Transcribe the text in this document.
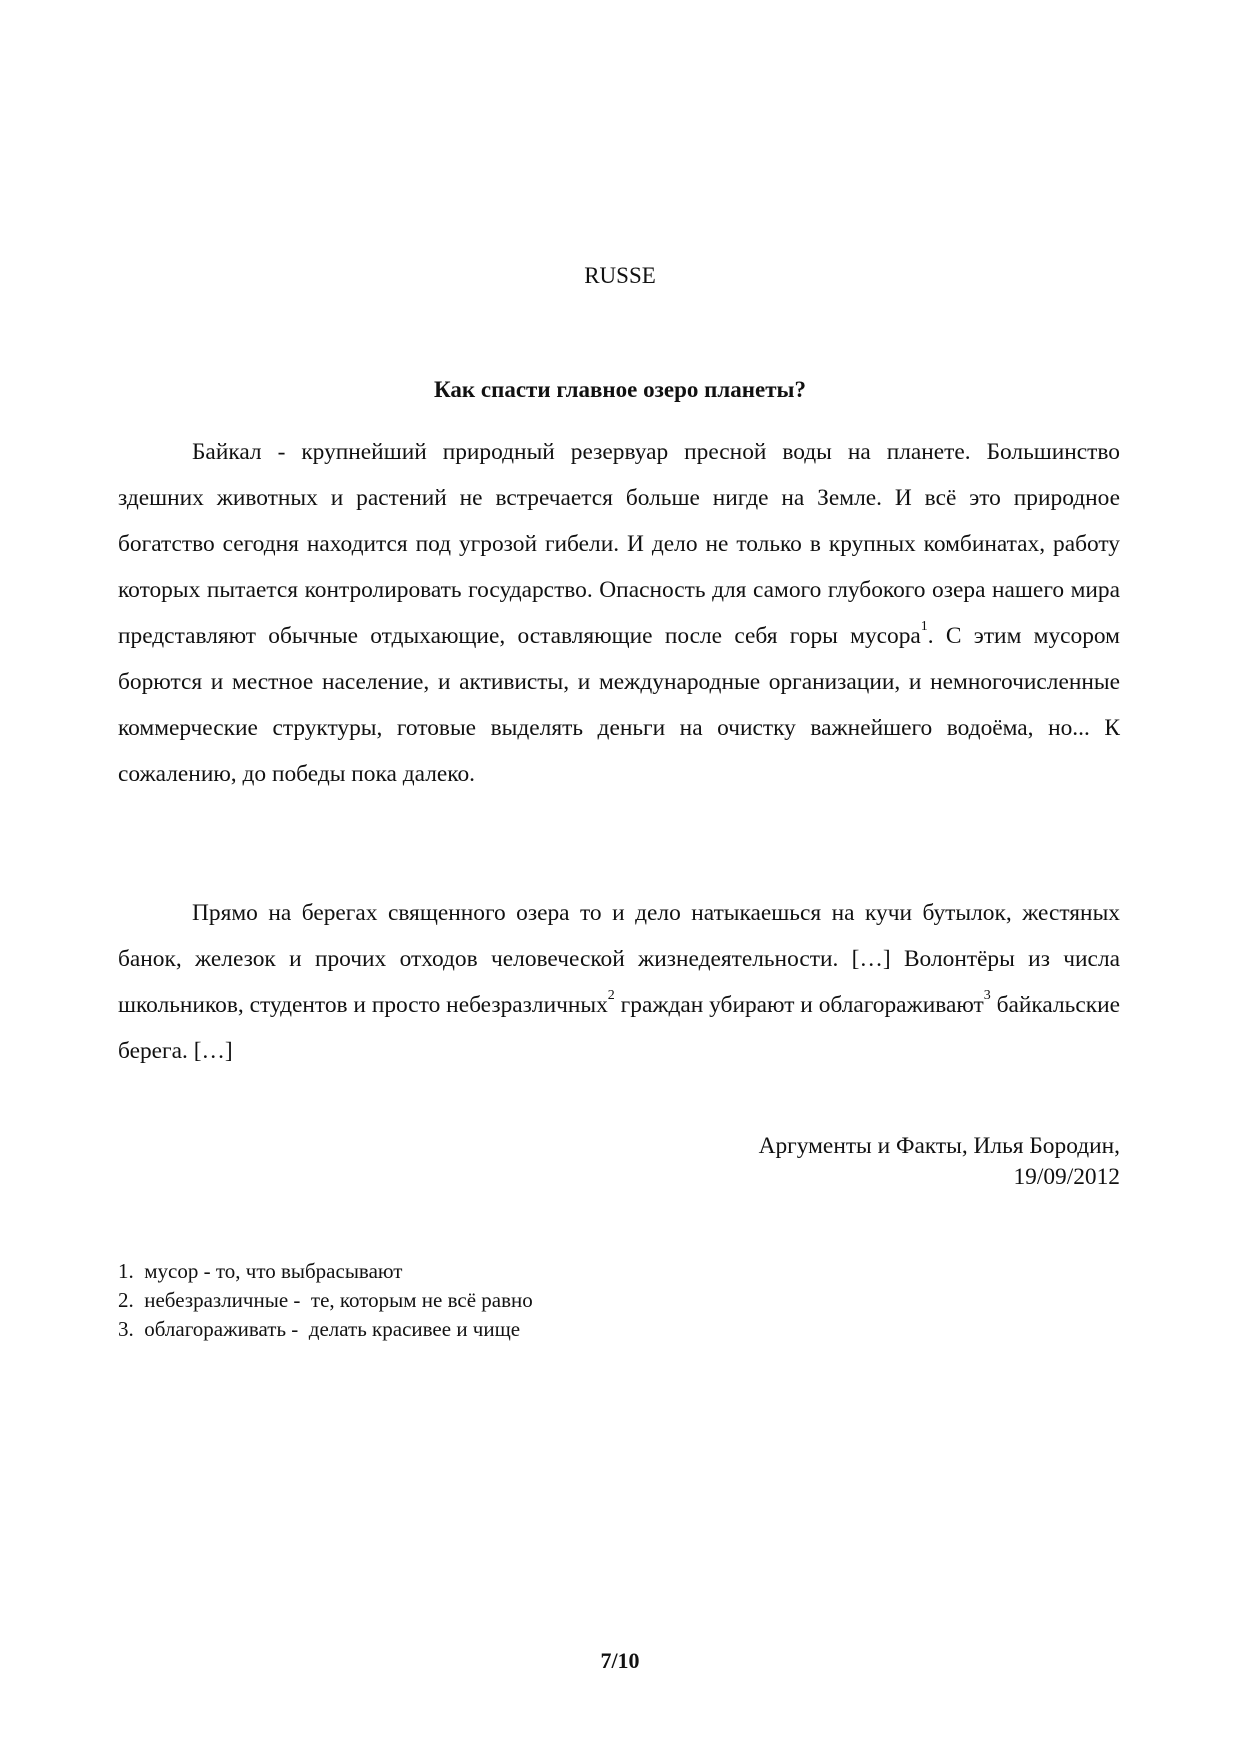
RUSSE
Как спасти главное озеро планеты?

Байкал - крупнейший природный резервуар пресной воды на планете. Большинство здешних животных и растений не встречается больше нигде на Земле. И всё это природное богатство сегодня находится под угрозой гибели. И дело не только в крупных комбинатах, работу которых пытается контролировать государство. Опасность для самого глубокого озера нашего мира представляют обычные отдыхающие, оставляющие после себя горы мусора$^1$. С этим мусором борются и местное население, и активисты, и международные организации, и немногочисленные коммерческие структуры, готовые выделять деньги на очистку важнейшего водоёма, но... К сожалению, до победы пока далеко.

Прямо на берегах священного озера то и дело натыкаешься на кучи бутылок, жестяных банок, железок и прочих отходов человеческой жизнедеятельности. […] Волонтёры из числа школьников, студентов и просто небезразличных$^2$ граждан убирают и облагораживают$^3$ байкальские берега. […]

Аргументы и Факты, Илья Бородин,
19/09/2012
1.  мусор - то, что выбрасывают
2.  небезразличные -  те, которым не всё равно
3.  облагораживать -  делать красивее и чище
7/10
